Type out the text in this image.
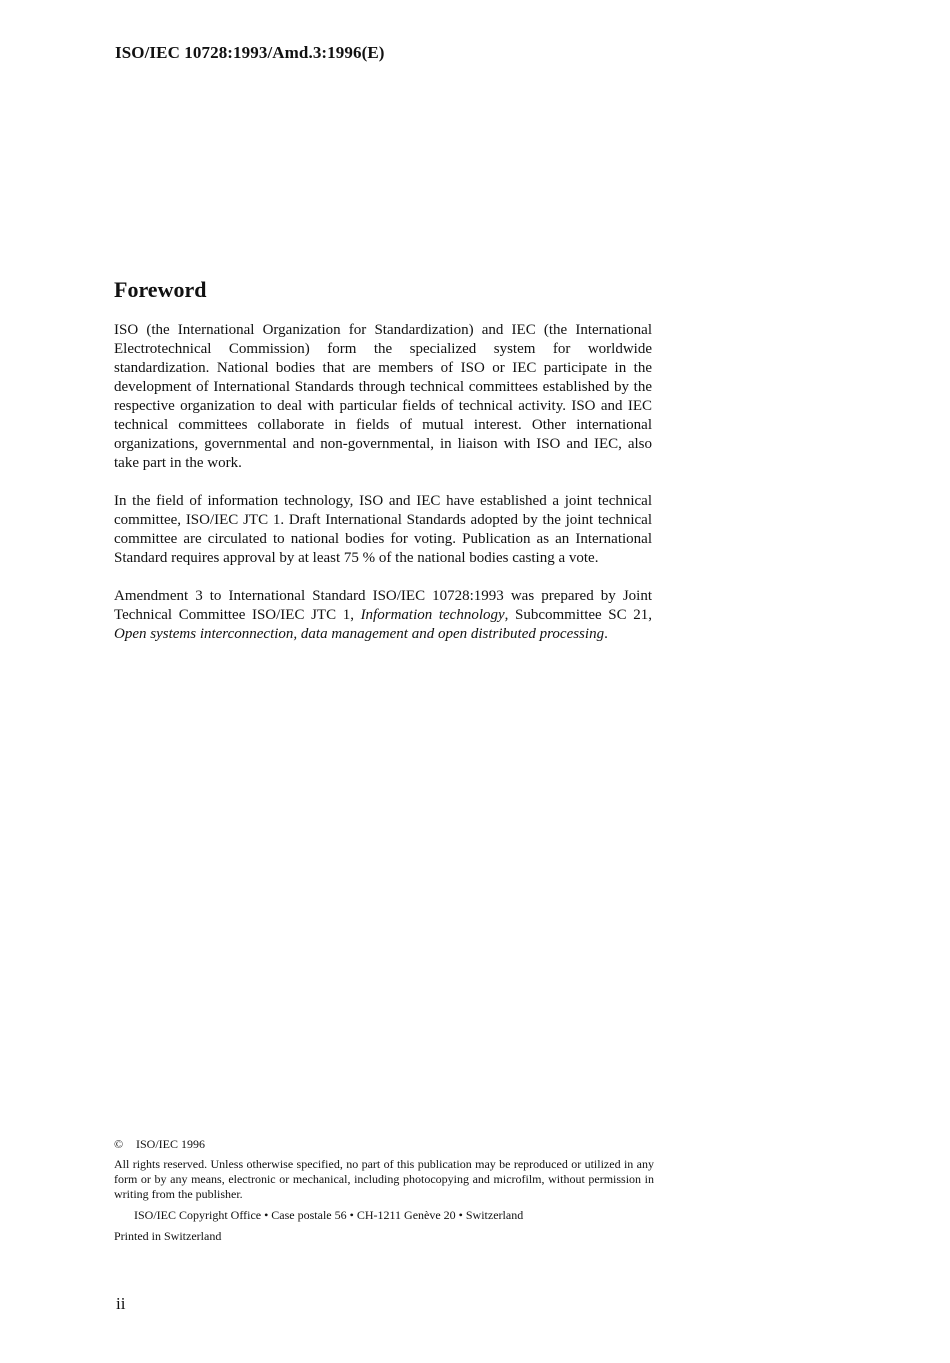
ISO/IEC 10728:1993/Amd.3:1996(E)
Foreword

ISO (the International Organization for Standardization) and IEC (the International Electrotechnical Commission) form the specialized system for worldwide standardization. National bodies that are members of ISO or IEC participate in the development of International Standards through technical committees established by the respective organization to deal with particular fields of technical activity. ISO and IEC technical committees collaborate in fields of mutual interest. Other international organizations, governmental and non-governmental, in liaison with ISO and IEC, also take part in the work.

In the field of information technology, ISO and IEC have established a joint technical committee, ISO/IEC JTC 1. Draft International Standards adopted by the joint technical committee are circulated to national bodies for voting. Publication as an International Standard requires approval by at least 75 % of the national bodies casting a vote.

Amendment 3 to International Standard ISO/IEC 10728:1993 was prepared by Joint Technical Committee ISO/IEC JTC 1, Information technology, Subcommittee SC 21, Open systems interconnection, data management and open distributed processing.

© ISO/IEC 1996
All rights reserved. Unless otherwise specified, no part of this publication may be reproduced or utilized in any form or by any means, electronic or mechanical, including photocopying and microfilm, without permission in writing from the publisher.
ISO/IEC Copyright Office • Case postale 56 • CH-1211 Genève 20 • Switzerland
Printed in Switzerland
ii
